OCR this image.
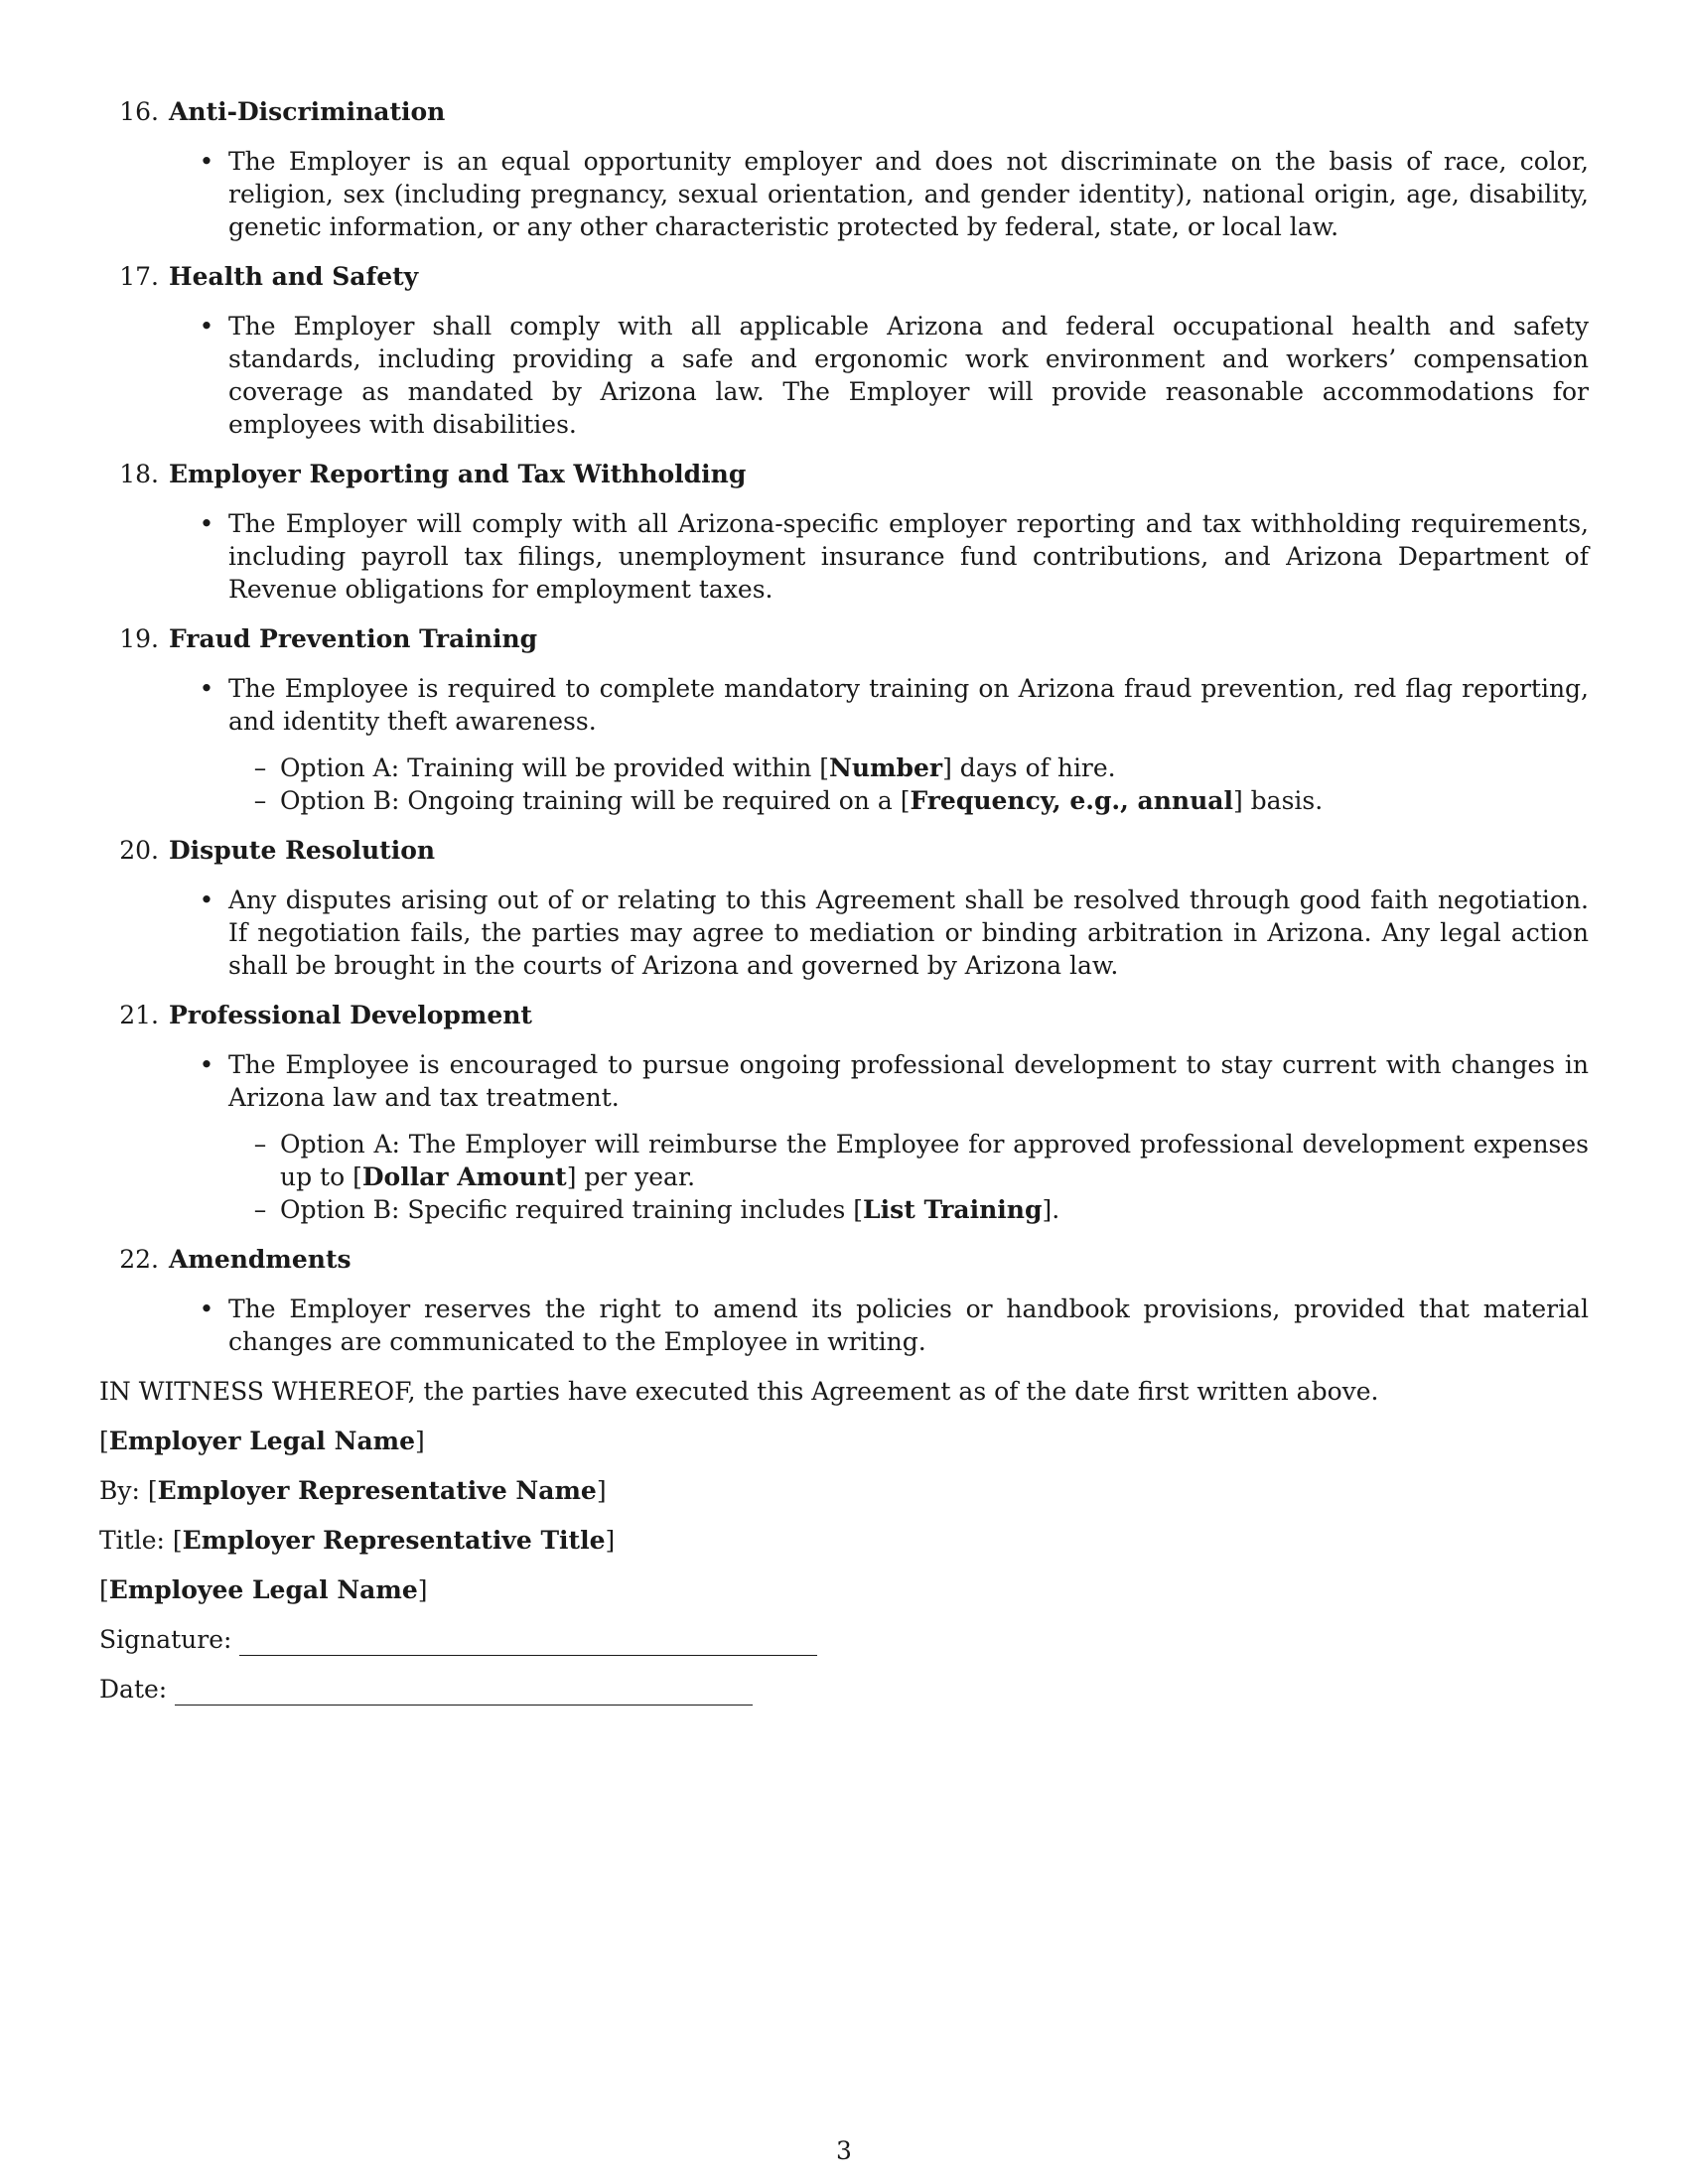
16. Anti-Discrimination
• The Employer is an equal opportunity employer and does not discriminate on the basis of race, color, religion, sex (including pregnancy, sexual orientation, and gender identity), national origin, age, disability, genetic information, or any other characteristic protected by federal, state, or local law.
17. Health and Safety
• The Employer shall comply with all applicable Arizona and federal occupational health and safety standards, including providing a safe and ergonomic work environment and workers’ compensation coverage as mandated by Arizona law. The Employer will provide reasonable accommodations for employees with disabilities.
18. Employer Reporting and Tax Withholding
• The Employer will comply with all Arizona-specific employer reporting and tax withholding requirements, including payroll tax filings, unemployment insurance fund contributions, and Arizona Department of Revenue obligations for employment taxes.
19. Fraud Prevention Training
• The Employee is required to complete mandatory training on Arizona fraud prevention, red flag reporting, and identity theft awareness.
– Option A: Training will be provided within [Number] days of hire.
– Option B: Ongoing training will be required on a [Frequency, e.g., annual] basis.
20. Dispute Resolution
• Any disputes arising out of or relating to this Agreement shall be resolved through good faith negotiation. If negotiation fails, the parties may agree to mediation or binding arbitration in Arizona. Any legal action shall be brought in the courts of Arizona and governed by Arizona law.
21. Professional Development
• The Employee is encouraged to pursue ongoing professional development to stay current with changes in Arizona law and tax treatment.
– Option A: The Employer will reimburse the Employee for approved professional development expenses up to [Dollar Amount] per year.
– Option B: Specific required training includes [List Training].
22. Amendments
• The Employer reserves the right to amend its policies or handbook provisions, provided that material changes are communicated to the Employee in writing.
IN WITNESS WHEREOF, the parties have executed this Agreement as of the date first written above.
[Employer Legal Name]
By: [Employer Representative Name]
Title: [Employer Representative Title]
[Employee Legal Name]
Signature:
Date:
3
